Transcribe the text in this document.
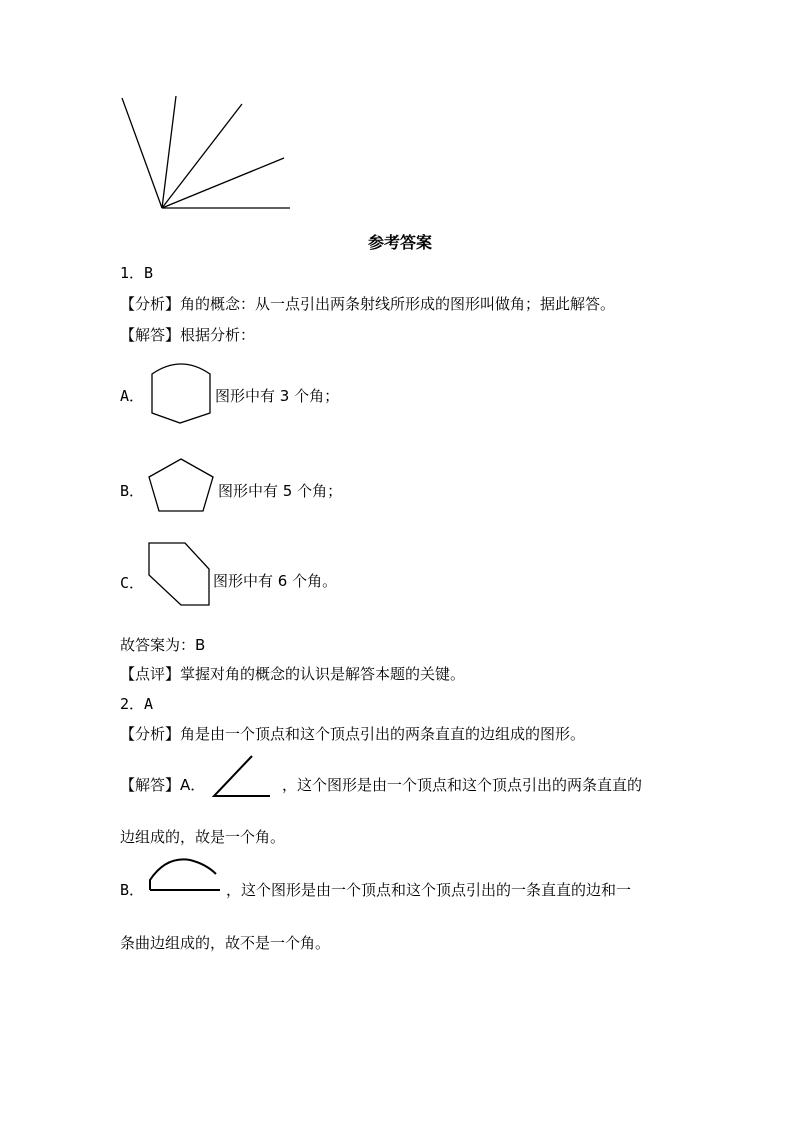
参考答案
1．B
【分析】角的概念：从一点引出两条射线所形成的图形叫做角；据此解答。
【解答】根据分析：
A．	图形中有 3 个角；
B．	图形中有 5 个角；
C．	图形中有 6 个角。
故答案为：B
【点评】掌握对角的概念的认识是解答本题的关键。
2．A
【分析】角是由一个顶点和这个顶点引出的两条直直的边组成的图形。
【解答】A．	，这个图形是由一个顶点和这个顶点引出的两条直直的
边组成的，故是一个角。
B．	，这个图形是由一个顶点和这个顶点引出的一条直直的边和一
条曲边组成的，故不是一个角。
